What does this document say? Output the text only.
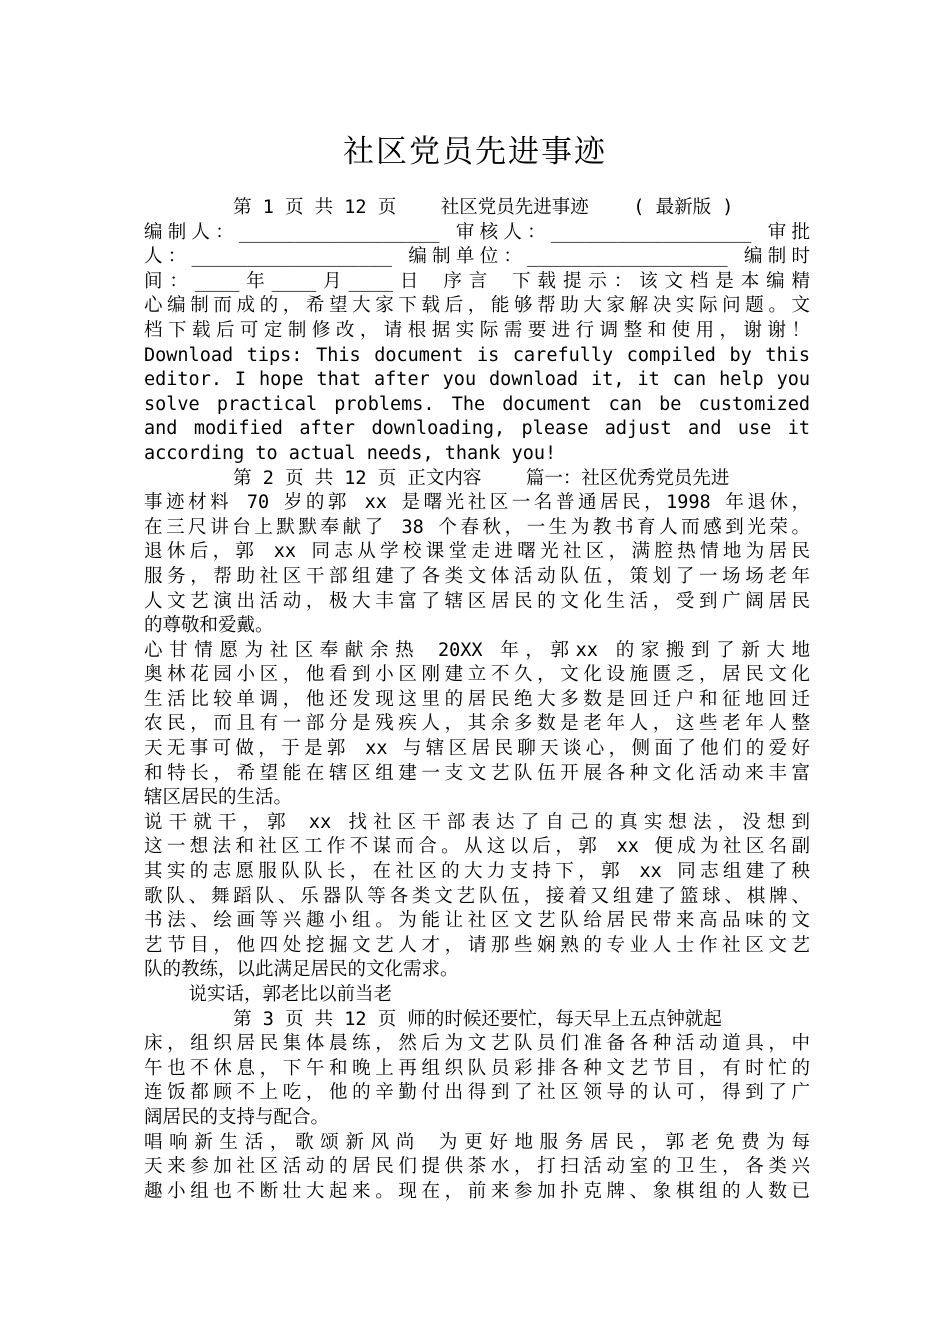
社区党员先进事迹
第 1 页 共 12 页    社区党员先进事迹    ( 最新版 )
编制人：__________________ 审核人：__________________ 审批
人：__________________ 编制单位：__________________ 编制时
间：____年____月____日 序言 下载提示：该文档是本编精
心编制而成的，希望大家下载后，能够帮助大家解决实际问题。文
档下载后可定制修改，请根据实际需要进行调整和使用，谢谢！
Download tips: This document is carefully compiled by this
editor. I hope that after you download it, it can help you
solve practical problems. The document can be customized
and modified after downloading, please adjust and use it
according to actual needs, thank you!
第 2 页 共 12 页 正文内容    篇一：社区优秀党员先进
事迹材料 70 岁的郭 xx 是曙光社区一名普通居民，1998 年退休，
在三尺讲台上默默奉献了 38 个春秋，一生为教书育人而感到光荣。
退休后，郭 xx 同志从学校课堂走进曙光社区，满腔热情地为居民
服务，帮助社区干部组建了各类文体活动队伍，策划了一场场老年
人文艺演出活动，极大丰富了辖区居民的文化生活，受到广阔居民
的尊敬和爱戴。
心甘情愿为社区奉献余热 20XX 年，郭xx 的家搬到了新大地
奥林花园小区，他看到小区刚建立不久，文化设施匮乏，居民文化
生活比较单调，他还发现这里的居民绝大多数是回迁户和征地回迁
农民，而且有一部分是残疾人，其余多数是老年人，这些老年人整
天无事可做，于是郭 xx 与辖区居民聊天谈心，侧面了他们的爱好
和特长，希望能在辖区组建一支文艺队伍开展各种文化活动来丰富
辖区居民的生活。
说干就干，郭 xx 找社区干部表达了自己的真实想法，没想到
这一想法和社区工作不谋而合。从这以后，郭 xx 便成为社区名副
其实的志愿服队队长，在社区的大力支持下，郭 xx 同志组建了秧
歌队、舞蹈队、乐器队等各类文艺队伍，接着又组建了篮球、棋牌、
书法、绘画等兴趣小组。为能让社区文艺队给居民带来高品味的文
艺节目，他四处挖掘文艺人才，请那些娴熟的专业人士作社区文艺
队的教练，以此满足居民的文化需求。
说实话，郭老比以前当老
第 3 页 共 12 页 师的时候还要忙，每天早上五点钟就起
床，组织居民集体晨练，然后为文艺队员们准备各种活动道具，中
午也不休息，下午和晚上再组织队员彩排各种文艺节目，有时忙的
连饭都顾不上吃，他的辛勤付出得到了社区领导的认可，得到了广
阔居民的支持与配合。
唱响新生活，歌颂新风尚 为更好地服务居民，郭老免费为每
天来参加社区活动的居民们提供茶水，打扫活动室的卫生，各类兴
趣小组也不断壮大起来。现在，前来参加扑克牌、象棋组的人数已
